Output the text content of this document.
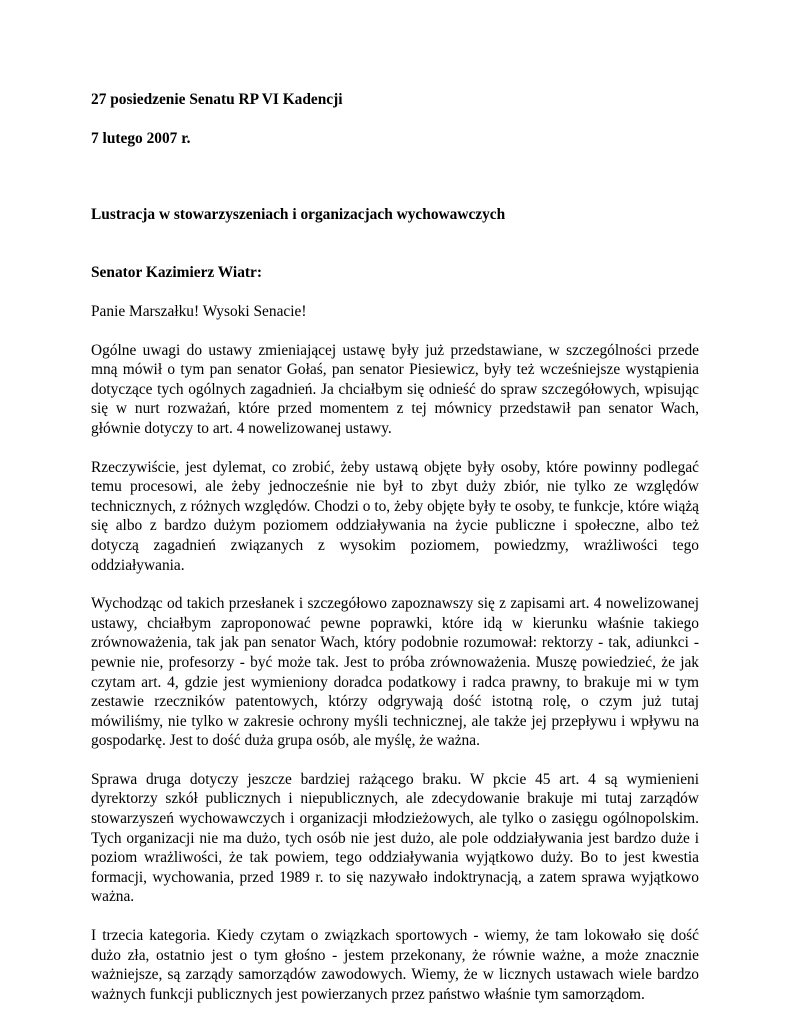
27 posiedzenie Senatu RP VI Kadencji

7 lutego 2007 r.

Lustracja w stowarzyszeniach i organizacjach wychowawczych

Senator Kazimierz Wiatr:

Panie Marszałku! Wysoki Senacie!

Ogólne uwagi do ustawy zmieniającej ustawę były już przedstawiane, w szczególności przede mną mówił o tym pan senator Gołaś, pan senator Piesiewicz, były też wcześniejsze wystąpienia dotyczące tych ogólnych zagadnień. Ja chciałbym się odnieść do spraw szczegółowych, wpisując się w nurt rozważań, które przed momentem z tej mównicy przedstawił pan senator Wach, głównie dotyczy to art. 4 nowelizowanej ustawy.

Rzeczywiście, jest dylemat, co zrobić, żeby ustawą objęte były osoby, które powinny podlegać temu procesowi, ale żeby jednocześnie nie był to zbyt duży zbiór, nie tylko ze względów technicznych, z różnych względów. Chodzi o to, żeby objęte były te osoby, te funkcje, które wiążą się albo z bardzo dużym poziomem oddziaływania na życie publiczne i społeczne, albo też dotyczą zagadnień związanych z wysokim poziomem, powiedzmy, wrażliwości tego oddziaływania.

Wychodząc od takich przesłanek i szczegółowo zapoznawszy się z zapisami art. 4 nowelizowanej ustawy, chciałbym zaproponować pewne poprawki, które idą w kierunku właśnie takiego zrównoważenia, tak jak pan senator Wach, który podobnie rozumował: rektorzy - tak, adiunkci - pewnie nie, profesorzy - być może tak. Jest to próba zrównoważenia. Muszę powiedzieć, że jak czytam art. 4, gdzie jest wymieniony doradca podatkowy i radca prawny, to brakuje mi w tym zestawie rzeczników patentowych, którzy odgrywają dość istotną rolę, o czym już tutaj mówiliśmy, nie tylko w zakresie ochrony myśli technicznej, ale także jej przepływu i wpływu na gospodarkę. Jest to dość duża grupa osób, ale myślę, że ważna.

Sprawa druga dotyczy jeszcze bardziej rażącego braku. W pkcie 45 art. 4 są wymienieni dyrektorzy szkół publicznych i niepublicznych, ale zdecydowanie brakuje mi tutaj zarządów stowarzyszeń wychowawczych i organizacji młodzieżowych, ale tylko o zasięgu ogólnopolskim. Tych organizacji nie ma dużo, tych osób nie jest dużo, ale pole oddziaływania jest bardzo duże i poziom wrażliwości, że tak powiem, tego oddziaływania wyjątkowo duży. Bo to jest kwestia formacji, wychowania, przed 1989 r. to się nazywało indoktrynacją, a zatem sprawa wyjątkowo ważna.

I trzecia kategoria. Kiedy czytam o związkach sportowych - wiemy, że tam lokowało się dość dużo zła, ostatnio jest o tym głośno - jestem przekonany, że równie ważne, a może znacznie ważniejsze, są zarządy samorządów zawodowych. Wiemy, że w licznych ustawach wiele bardzo ważnych funkcji publicznych jest powierzanych przez państwo właśnie tym samorządom.
